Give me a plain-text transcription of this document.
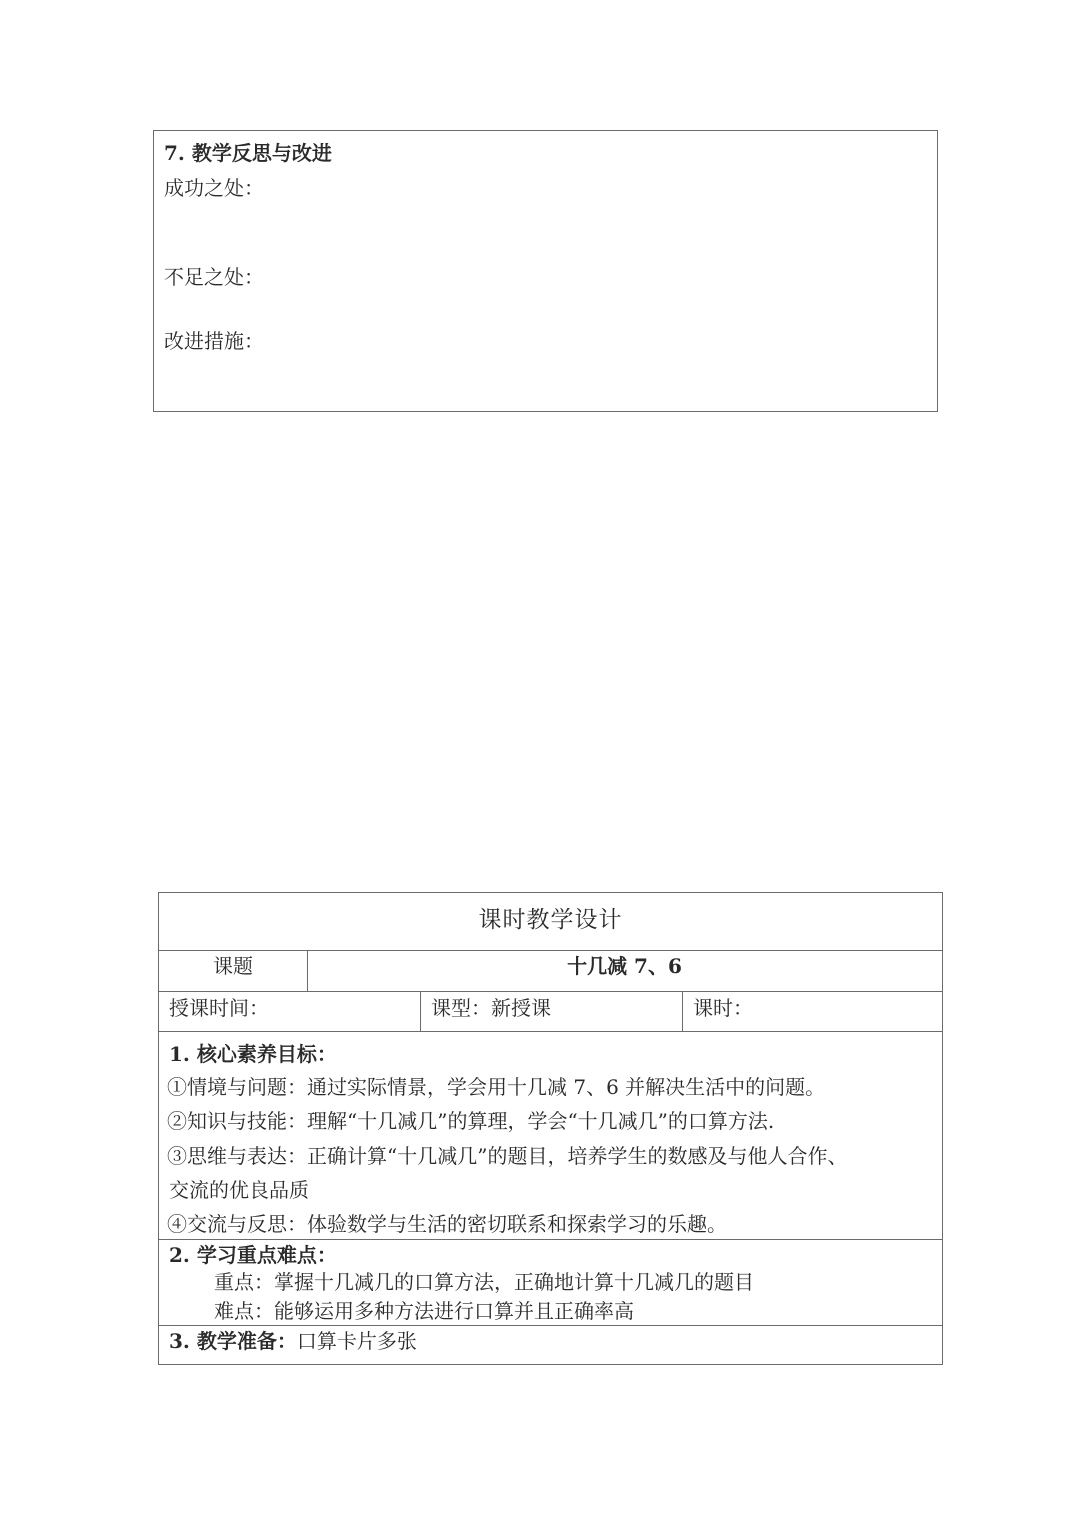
7. 教学反思与改进
成功之处：
不足之处：
改进措施：
课时教学设计
课题	十几减 7、6
授课时间：	课型：新授课	课时：
1. 核心素养目标：
①情境与问题：通过实际情景，学会用十几减 7、6 并解决生活中的问题。
②知识与技能：理解“十几减几”的算理，学会“十几减几”的口算方法.
③思维与表达：正确计算“十几减几”的题目，培养学生的数感及与他人合作、
交流的优良品质
④交流与反思：体验数学与生活的密切联系和探索学习的乐趣。
2. 学习重点难点：
重点：掌握十几减几的口算方法，正确地计算十几减几的题目
难点：能够运用多种方法进行口算并且正确率高
3. 教学准备：口算卡片多张
